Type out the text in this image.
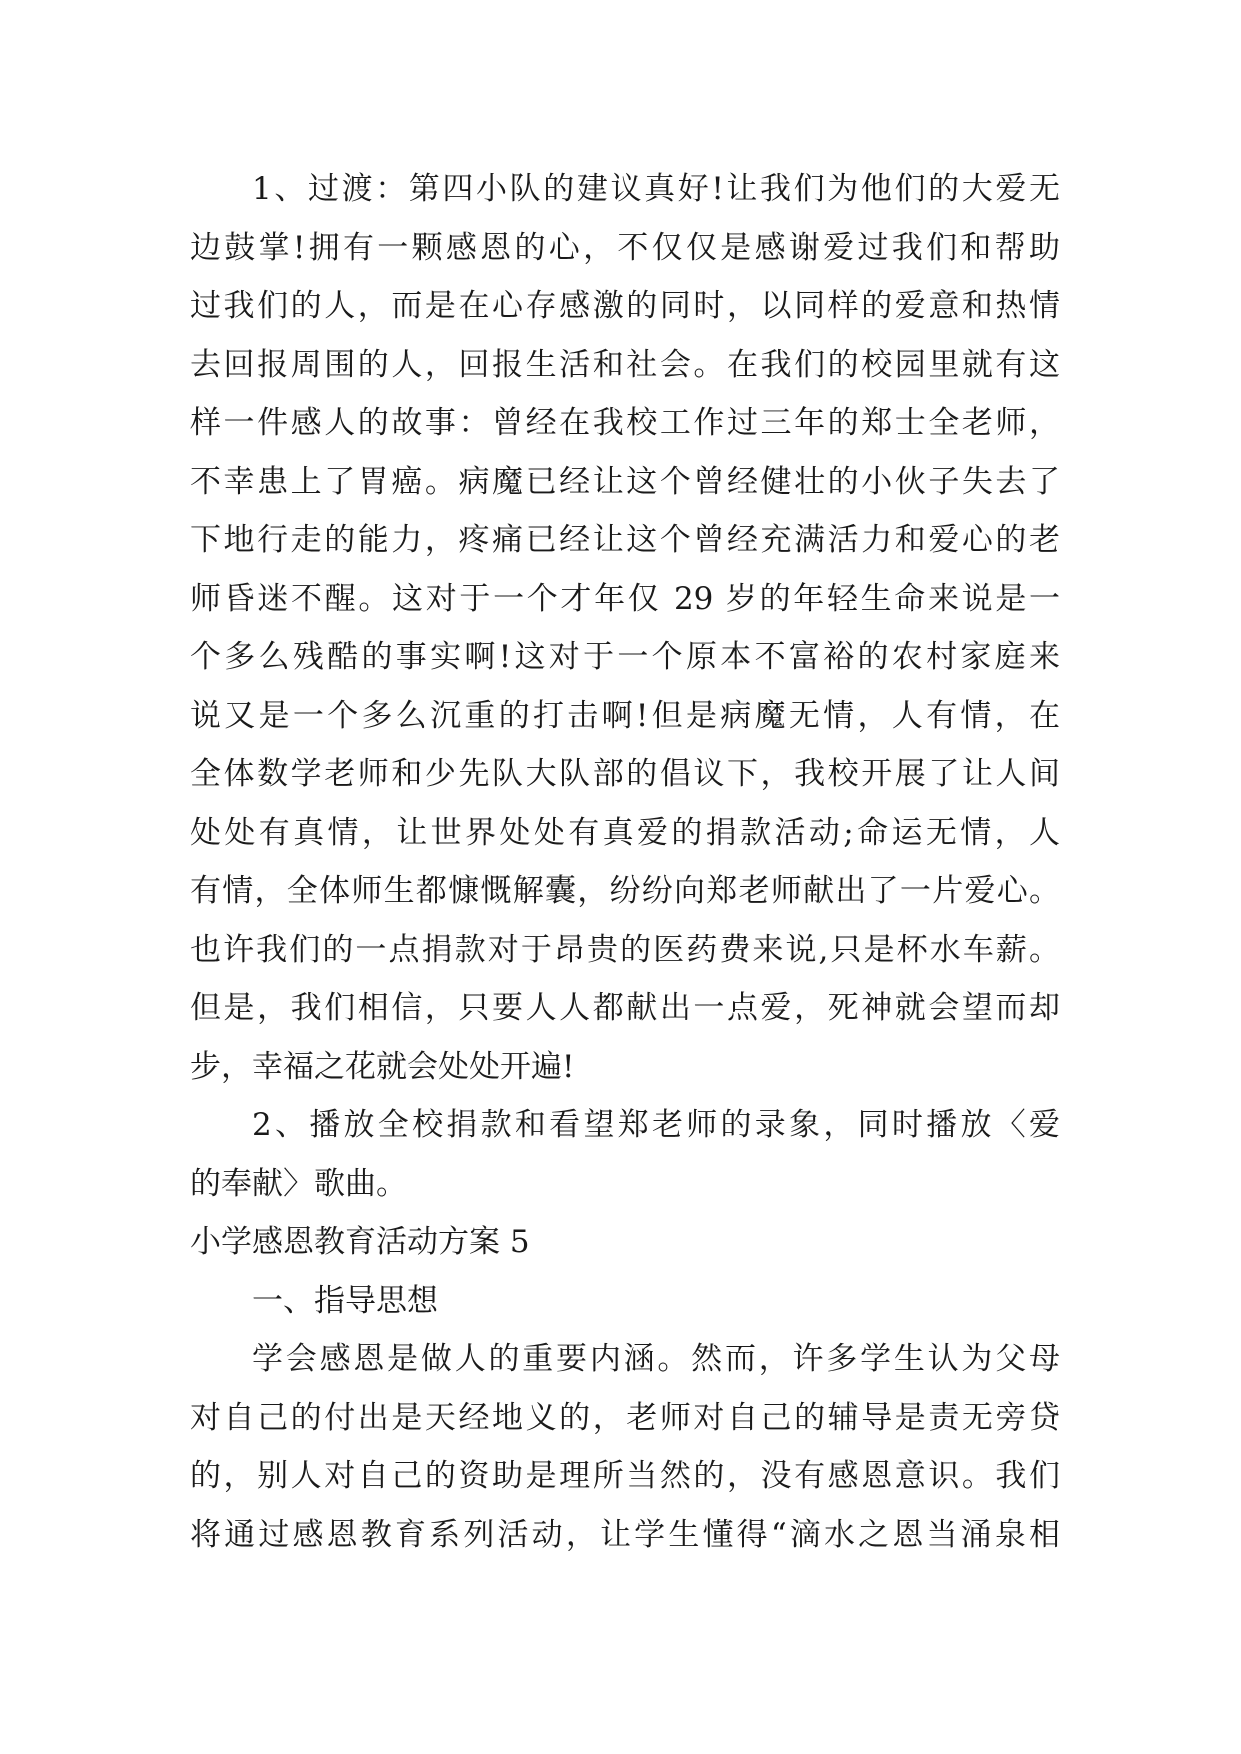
1、过渡：第四小队的建议真好!让我们为他们的大爱无
边鼓掌!拥有一颗感恩的心，不仅仅是感谢爱过我们和帮助
过我们的人，而是在心存感激的同时，以同样的爱意和热情
去回报周围的人，回报生活和社会。在我们的校园里就有这
样一件感人的故事：曾经在我校工作过三年的郑士全老师，
不幸患上了胃癌。病魔已经让这个曾经健壮的小伙子失去了
下地行走的能力，疼痛已经让这个曾经充满活力和爱心的老
师昏迷不醒。这对于一个才年仅 29 岁的年轻生命来说是一
个多么残酷的事实啊!这对于一个原本不富裕的农村家庭来
说又是一个多么沉重的打击啊!但是病魔无情，人有情，在
全体数学老师和少先队大队部的倡议下，我校开展了让人间
处处有真情，让世界处处有真爱的捐款活动;命运无情，人
有情，全体师生都慷慨解囊，纷纷向郑老师献出了一片爱心。
也许我们的一点捐款对于昂贵的医药费来说,只是杯水车薪。
但是，我们相信，只要人人都献出一点爱，死神就会望而却
步，幸福之花就会处处开遍!
2、播放全校捐款和看望郑老师的录象，同时播放〈爱
的奉献〉歌曲。
小学感恩教育活动方案 5
一、指导思想
学会感恩是做人的重要内涵。然而，许多学生认为父母
对自己的付出是天经地义的，老师对自己的辅导是责无旁贷
的，别人对自己的资助是理所当然的，没有感恩意识。我们
将通过感恩教育系列活动，让学生懂得“滴水之恩当涌泉相
